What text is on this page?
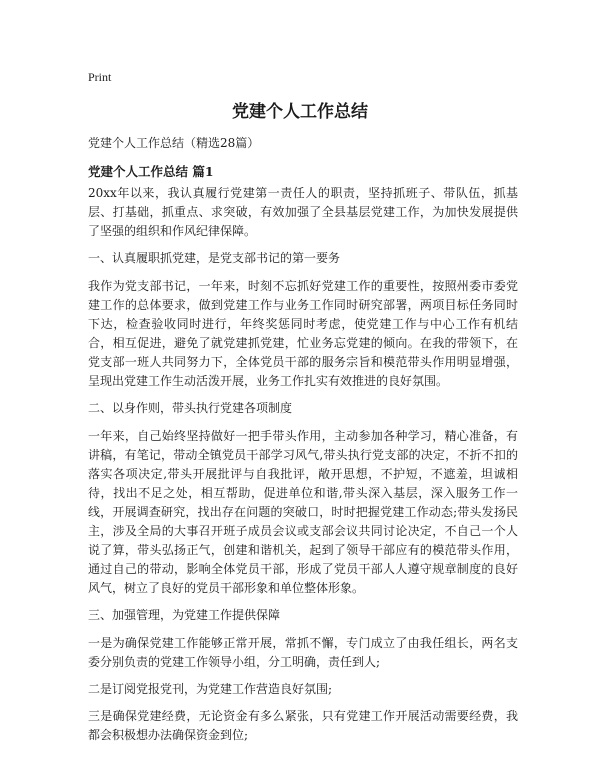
Print
党建个人工作总结

党建个人工作总结（精选28篇）

党建个人工作总结 篇1

20xx年以来，我认真履行党建第一责任人的职责，坚持抓班子、带队伍，抓基层、打基础，抓重点、求突破，有效加强了全县基层党建工作，为加快发展提供了坚强的组织和作风纪律保障。

一、认真履职抓党建，是党支部书记的第一要务

我作为党支部书记，一年来，时刻不忘抓好党建工作的重要性，按照州委市委党建工作的总体要求，做到党建工作与业务工作同时研究部署，两项目标任务同时下达，检查验收同时进行，年终奖惩同时考虑，使党建工作与中心工作有机结合，相互促进，避免了就党建抓党建，忙业务忘党建的倾向。在我的带领下，在党支部一班人共同努力下，全体党员干部的服务宗旨和模范带头作用明显增强，呈现出党建工作生动活泼开展，业务工作扎实有效推进的良好氛围。

二、以身作则，带头执行党建各项制度

一年来，自己始终坚持做好一把手带头作用，主动参加各种学习，精心准备，有讲稿，有笔记，带动全镇党员干部学习风气,带头执行党支部的决定，不折不扣的落实各项决定,带头开展批评与自我批评，敞开思想，不护短，不遮羞，坦诚相待，找出不足之处，相互帮助，促进单位和谐,带头深入基层，深入服务工作一线，开展调查研究，找出存在问题的突破口，时时把握党建工作动态;带头发扬民主，涉及全局的大事召开班子成员会议或支部会议共同讨论决定，不自己一个人说了算，带头弘扬正气，创建和谐机关，起到了领导干部应有的模范带头作用，通过自己的带动，影响全体党员干部，形成了党员干部人人遵守规章制度的良好风气，树立了良好的党员干部形象和单位整体形象。

三、加强管理，为党建工作提供保障

一是为确保党建工作能够正常开展，常抓不懈，专门成立了由我任组长，两名支委分别负责的党建工作领导小组，分工明确，责任到人;

二是订阅党报党刊，为党建工作营造良好氛围;

三是确保党建经费，无论资金有多么紧张，只有党建工作开展活动需要经费，我都会积极想办法确保资金到位;
